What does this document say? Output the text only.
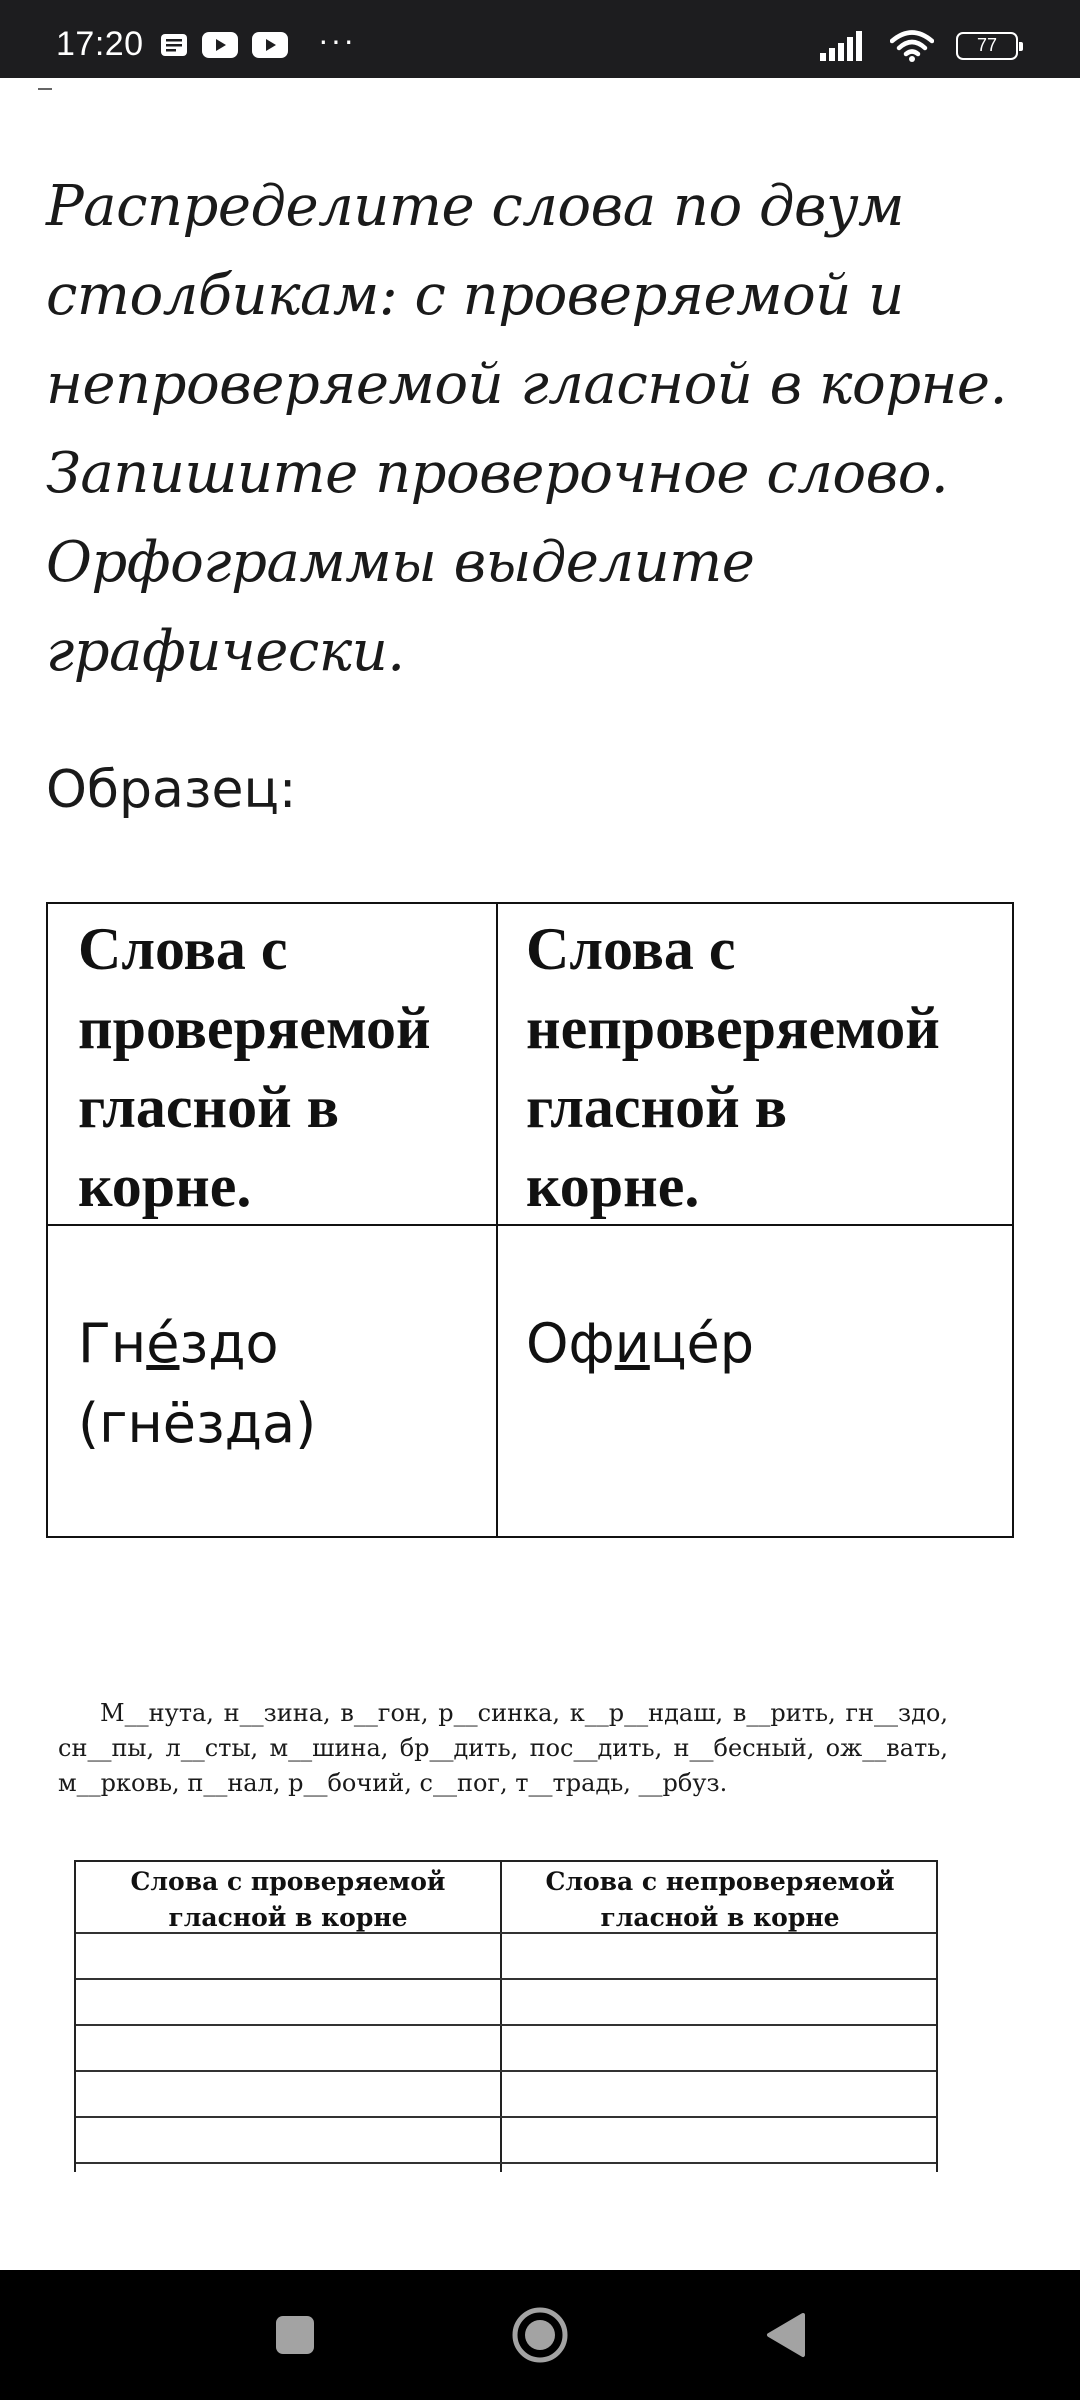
17:20	···	77
Распределите слова по двум
столбикам: с проверяемой и
непроверяемой гласной в корне.
Запишите проверочное слово.
Орфограммы выделите
графически.
Образец:
Слова с
проверяемой
гласной в
корне.
Слова с
непроверяемой
гласной в
корне.
Гне́здо
(гнёзда)
Офицéр
М__нута, н__зина, в__гон, р__синка, к__р__ндаш, в__рить, гн__здо, сн__пы, л__сты, м__шина, бр__дить, пос__дить, н__бесный, ож__вать, м__рковь, п__нал, р__бочий, с__пог, т__традь, __рбуз.
Слова с проверяемой
гласной в корне
Слова с непроверяемой
гласной в корне
